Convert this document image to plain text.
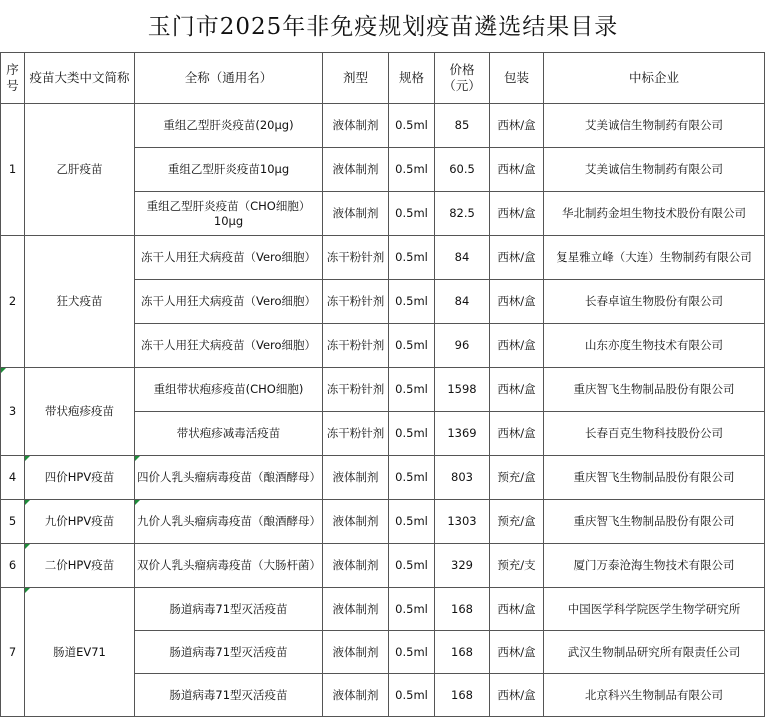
玉门市2025年非免疫规划疫苗遴选结果目录
序号	疫苗大类中文简称	全称（通用名）	剂型	规格	价格（元）	包装	中标企业
1	乙肝疫苗	重组乙型肝炎疫苗(20μg)	液体制剂	0.5ml	85	西林/盒	艾美诚信生物制药有限公司
		重组乙型肝炎疫苗10μg	液体制剂	0.5ml	60.5	西林/盒	艾美诚信生物制药有限公司
		重组乙型肝炎疫苗（CHO细胞）10μg	液体制剂	0.5ml	82.5	西林/盒	华北制药金坦生物技术股份有限公司
2	狂犬疫苗	冻干人用狂犬病疫苗（Vero细胞）	冻干粉针剂	0.5ml	84	西林/盒	复星雅立峰（大连）生物制药有限公司
		冻干人用狂犬病疫苗（Vero细胞）	冻干粉针剂	0.5ml	84	西林/盒	长春卓谊生物股份有限公司
		冻干人用狂犬病疫苗（Vero细胞）	冻干粉针剂	0.5ml	96	西林/盒	山东亦度生物技术有限公司
3	带状疱疹疫苗	重组带状疱疹疫苗(CHO细胞)	冻干粉针剂	0.5ml	1598	西林/盒	重庆智飞生物制品股份有限公司
		带状疱疹减毒活疫苗	冻干粉针剂	0.5ml	1369	西林/盒	长春百克生物科技股份公司
4	四价HPV疫苗	四价人乳头瘤病毒疫苗（酿酒酵母）	液体制剂	0.5ml	803	预充/盒	重庆智飞生物制品股份有限公司
5	九价HPV疫苗	九价人乳头瘤病毒疫苗（酿酒酵母）	液体制剂	0.5ml	1303	预充/盒	重庆智飞生物制品股份有限公司
6	二价HPV疫苗	双价人乳头瘤病毒疫苗（大肠杆菌）	液体制剂	0.5ml	329	预充/支	厦门万泰沧海生物技术有限公司
7	肠道EV71	肠道病毒71型灭活疫苗	液体制剂	0.5ml	168	西林/盒	中国医学科学院医学生物学研究所
		肠道病毒71型灭活疫苗	液体制剂	0.5ml	168	西林/盒	武汉生物制品研究所有限责任公司
		肠道病毒71型灭活疫苗	液体制剂	0.5ml	168	西林/盒	北京科兴生物制品有限公司
